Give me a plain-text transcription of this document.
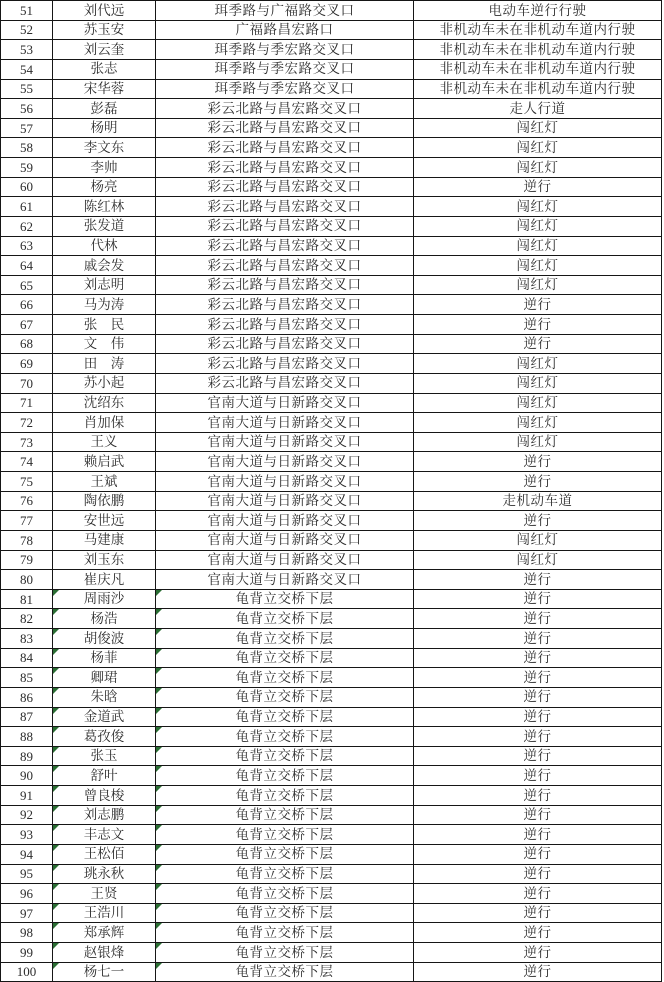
51	刘代远	珥季路与广福路交叉口	电动车逆行行驶
52	苏玉安	广福路昌宏路口	非机动车未在非机动车道内行驶
53	刘云奎	珥季路与季宏路交叉口	非机动车未在非机动车道内行驶
54	张志	珥季路与季宏路交叉口	非机动车未在非机动车道内行驶
55	宋华蓉	珥季路与季宏路交叉口	非机动车未在非机动车道内行驶
56	彭磊	彩云北路与昌宏路交叉口	走人行道
57	杨明	彩云北路与昌宏路交叉口	闯红灯
58	李文东	彩云北路与昌宏路交叉口	闯红灯
59	李帅	彩云北路与昌宏路交叉口	闯红灯
60	杨亮	彩云北路与昌宏路交叉口	逆行
61	陈红林	彩云北路与昌宏路交叉口	闯红灯
62	张发道	彩云北路与昌宏路交叉口	闯红灯
63	代林	彩云北路与昌宏路交叉口	闯红灯
64	戚会发	彩云北路与昌宏路交叉口	闯红灯
65	刘志明	彩云北路与昌宏路交叉口	闯红灯
66	马为涛	彩云北路与昌宏路交叉口	逆行
67	张　民	彩云北路与昌宏路交叉口	逆行
68	文　伟	彩云北路与昌宏路交叉口	逆行
69	田　涛	彩云北路与昌宏路交叉口	闯红灯
70	苏小起	彩云北路与昌宏路交叉口	闯红灯
71	沈绍东	官南大道与日新路交叉口	闯红灯
72	肖加保	官南大道与日新路交叉口	闯红灯
73	王义	官南大道与日新路交叉口	闯红灯
74	赖启武	官南大道与日新路交叉口	逆行
75	王斌	官南大道与日新路交叉口	逆行
76	陶依鹏	官南大道与日新路交叉口	走机动车道
77	安世远	官南大道与日新路交叉口	逆行
78	马建康	官南大道与日新路交叉口	闯红灯
79	刘玉东	官南大道与日新路交叉口	闯红灯
80	崔庆凡	官南大道与日新路交叉口	逆行
81	周雨沙	龟背立交桥下层	逆行
82	杨浩	龟背立交桥下层	逆行
83	胡俊波	龟背立交桥下层	逆行
84	杨菲	龟背立交桥下层	逆行
85	卿珺	龟背立交桥下层	逆行
86	朱晗	龟背立交桥下层	逆行
87	金道武	龟背立交桥下层	逆行
88	葛孜俊	龟背立交桥下层	逆行
89	张玉	龟背立交桥下层	逆行
90	舒叶	龟背立交桥下层	逆行
91	曾良梭	龟背立交桥下层	逆行
92	刘志鹏	龟背立交桥下层	逆行
93	丰志文	龟背立交桥下层	逆行
94	王松佰	龟背立交桥下层	逆行
95	珧永秋	龟背立交桥下层	逆行
96	王贤	龟背立交桥下层	逆行
97	王浩川	龟背立交桥下层	逆行
98	郑承辉	龟背立交桥下层	逆行
99	赵银烽	龟背立交桥下层	逆行
100	杨七一	龟背立交桥下层	逆行
